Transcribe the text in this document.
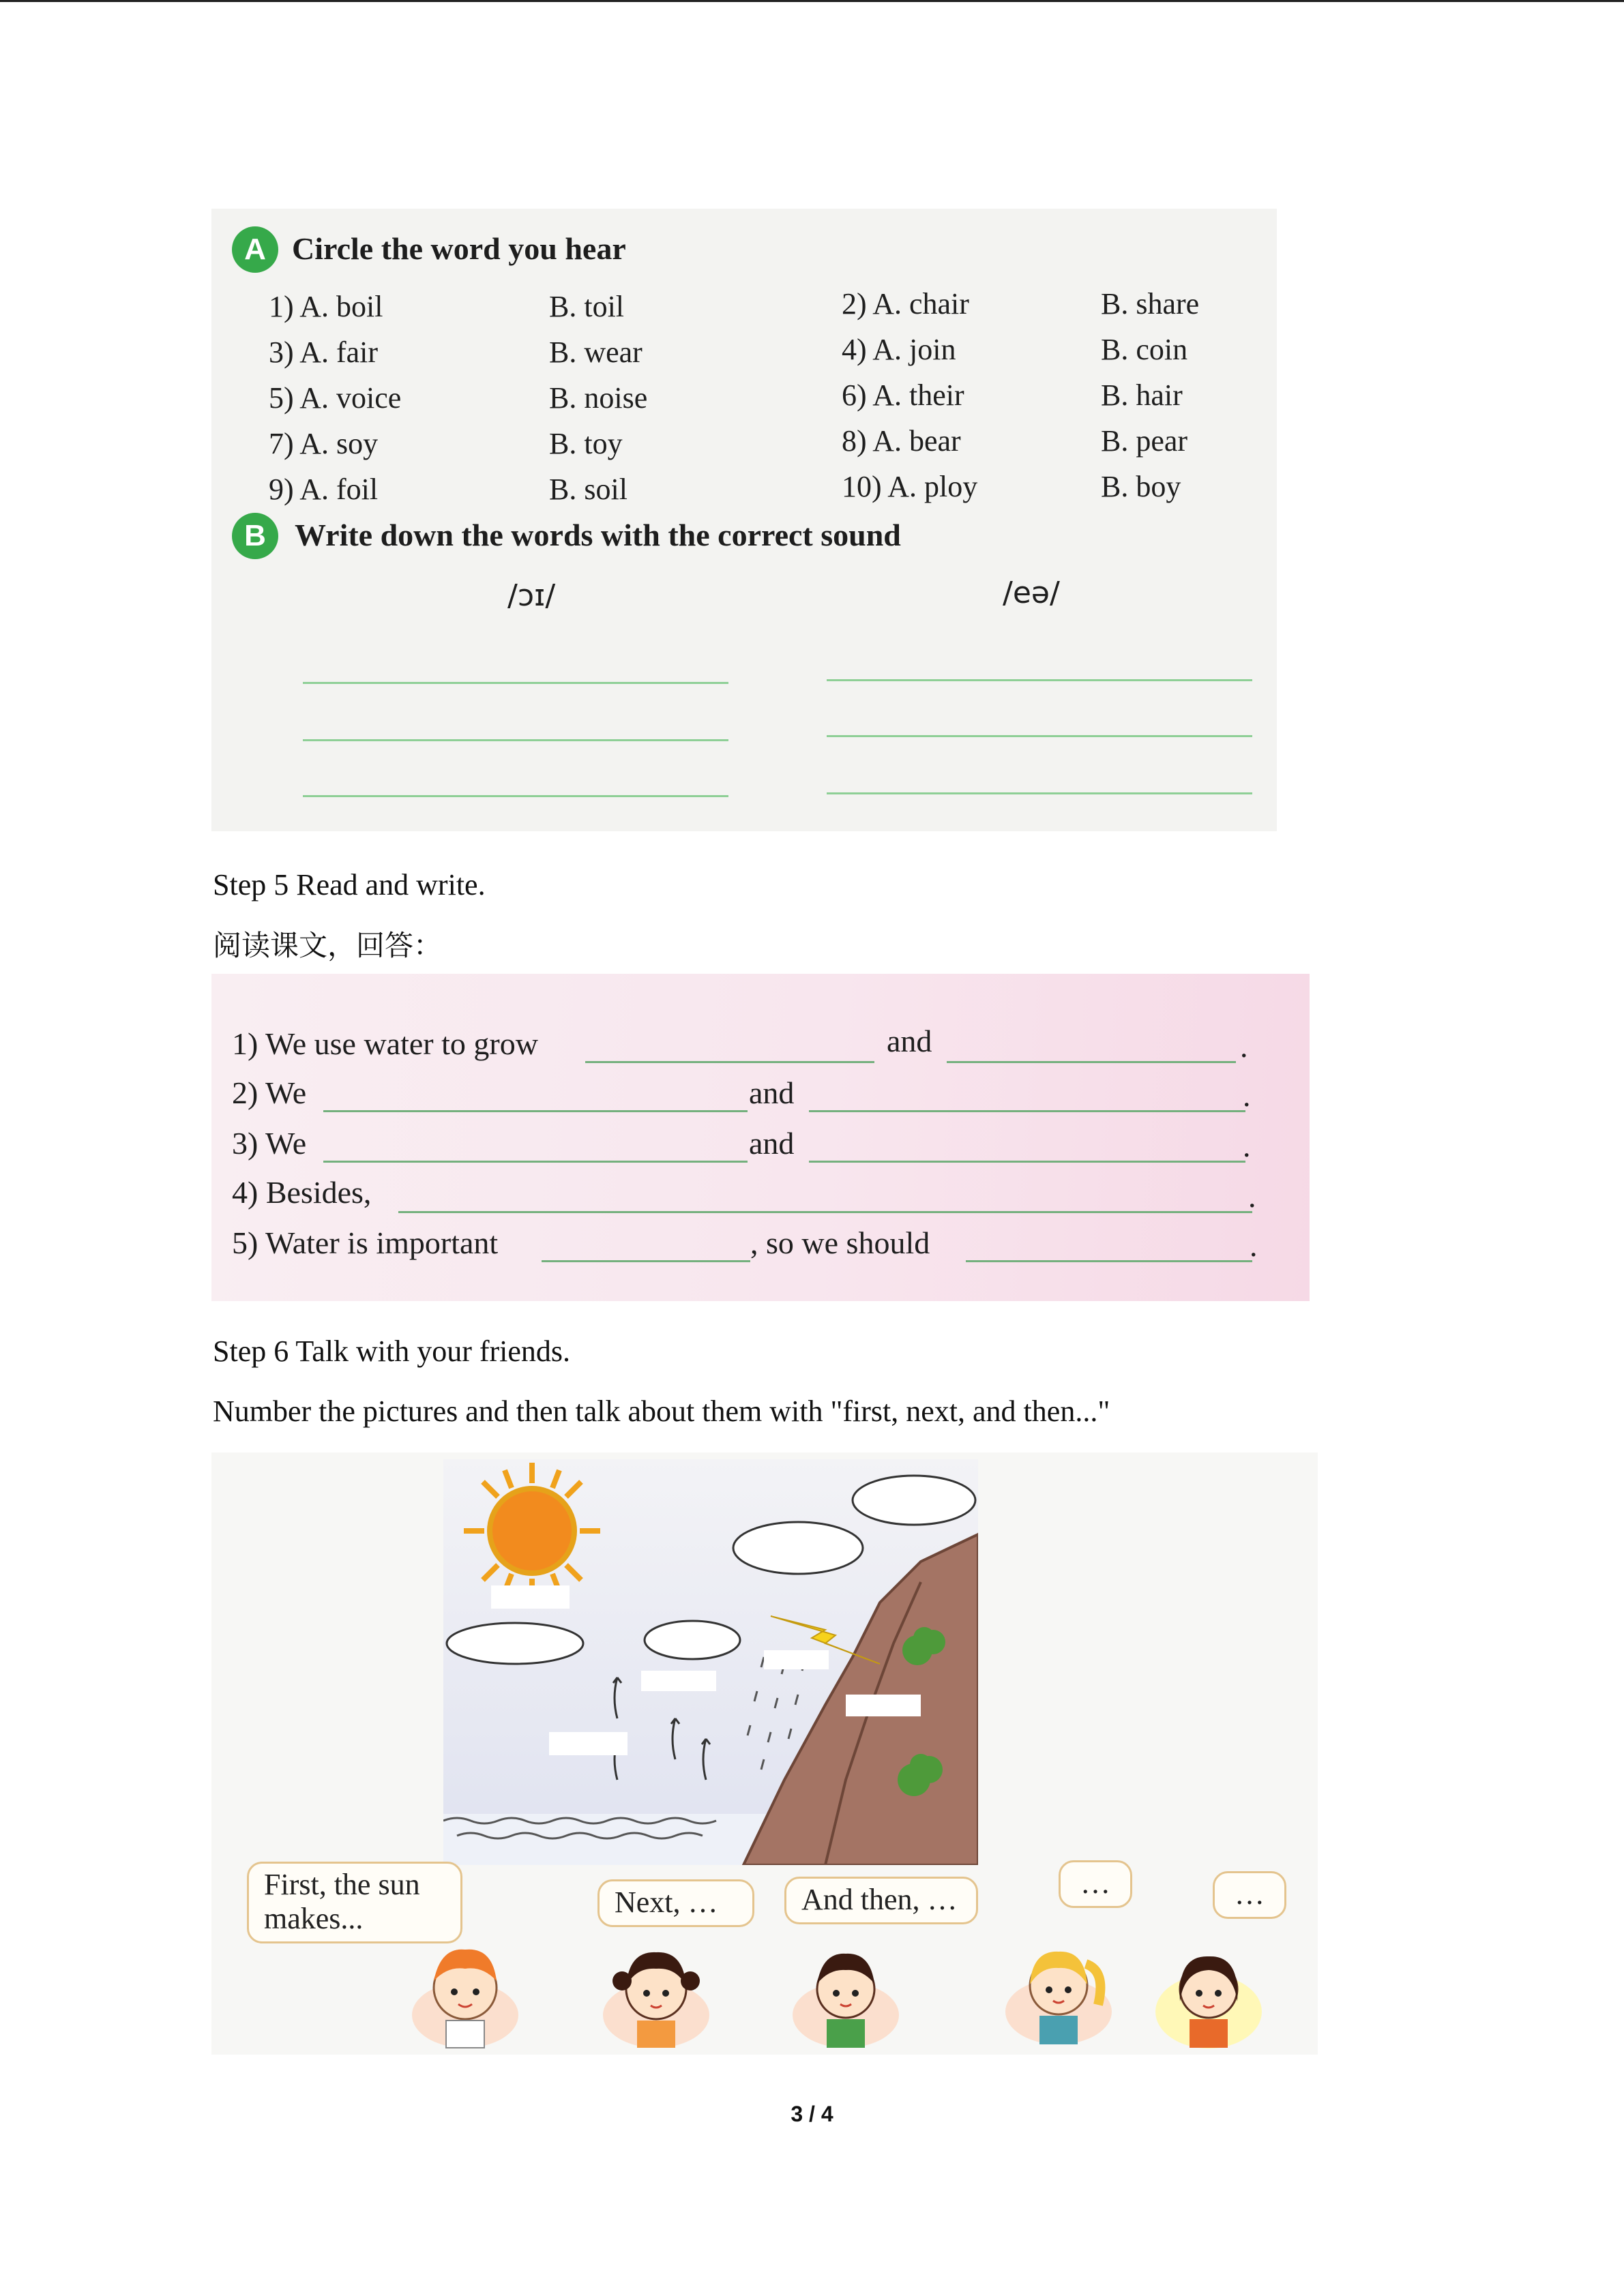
A Circle the word you hear
1) A. boil	B. toil
3) A. fair	B. wear
5) A. voice	B. noise
7) A. soy	B. toy
9) A. foil	B. soil
2) A. chair	B. share
4) A. join	B. coin
6) A. their	B. hair
8) A. bear	B. pear
10) A. ploy	B. boy
B Write down the words with the correct sound
/ɔɪ/	/eə/
Step 5 Read and write.
阅读课文，回答：
1) We use water to grow	and	.
2) We	and	.
3) We	and	.
4) Besides,	.
5) Water is important	, so we should	.
Step 6 Talk with your friends.
Number the pictures and then talk about them with "first, next, and then..."
First, the sun
makes...	Next, …	And then, …	…	…
3 / 4
